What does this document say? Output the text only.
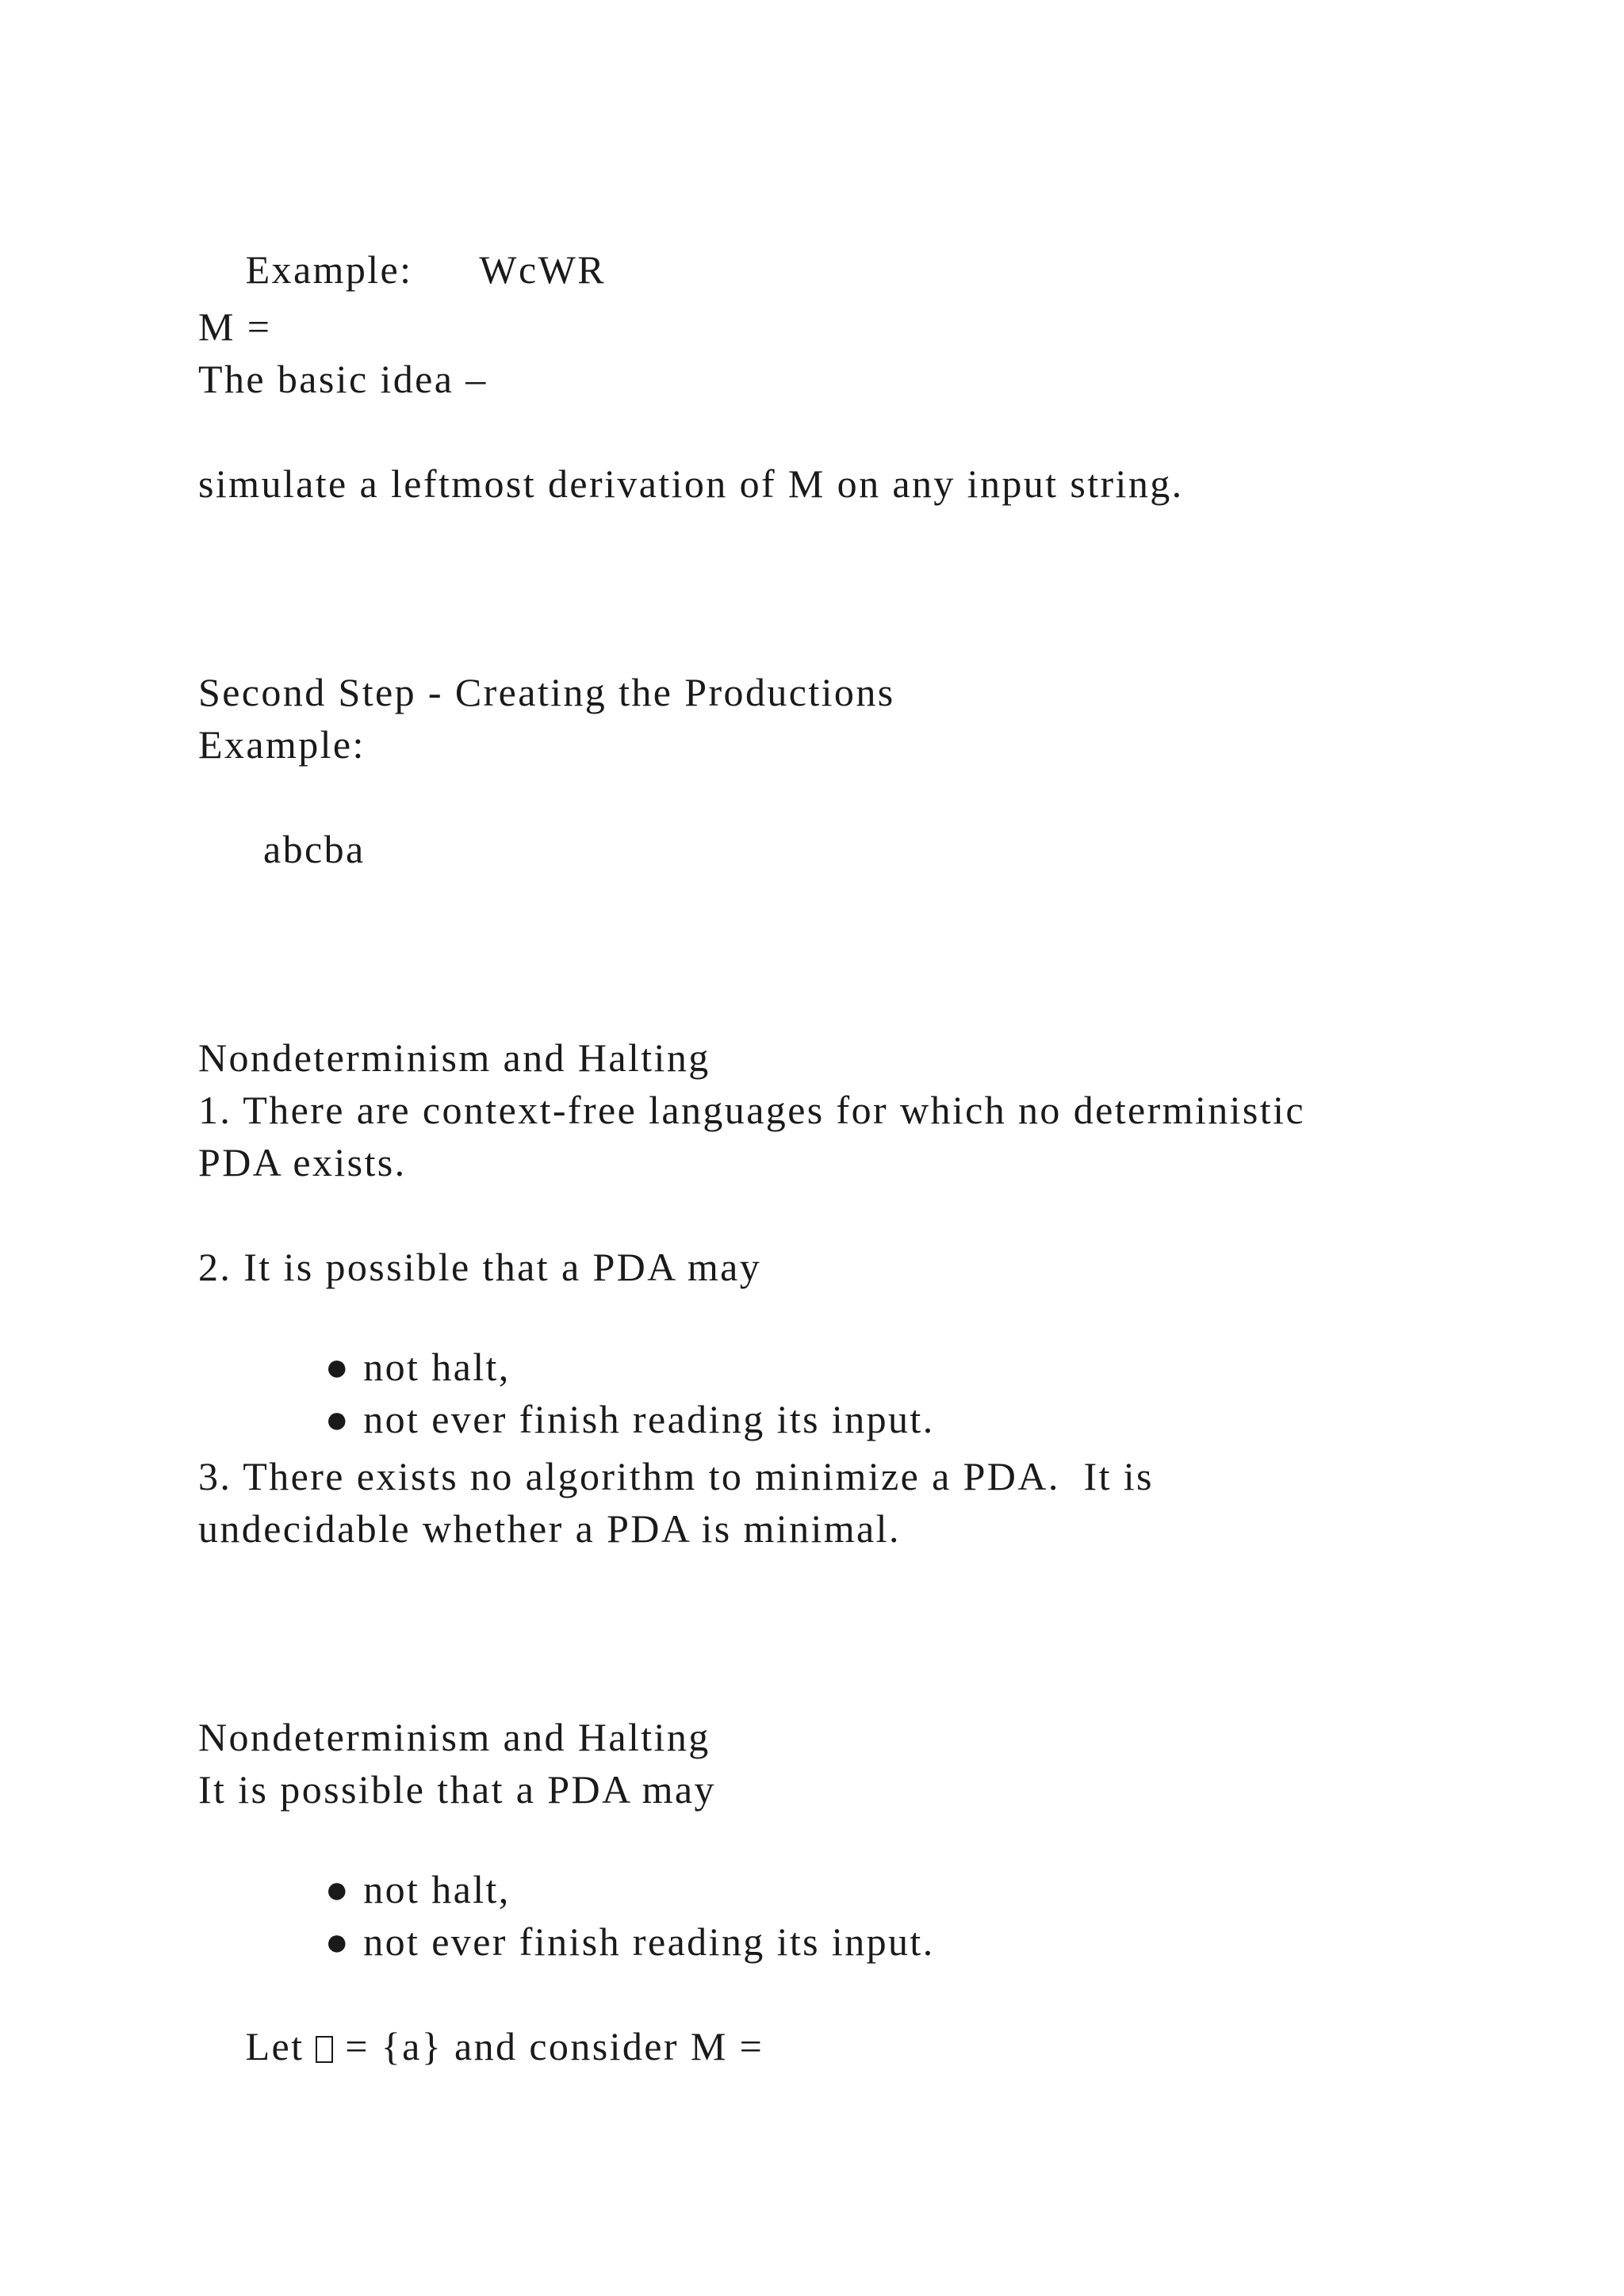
Example: WcWR

M =
The basic idea –
simulate a leftmost derivation of M on any input string.
Second Step - Creating the Productions
Example:
abcba
Nondeterminism and Halting
1. There are context-free languages for which no deterministic
PDA exists.
2. It is possible that a PDA may

● not halt,

● not ever finish reading its input.

3. There exists no algorithm to minimize a PDA.  It is
undecidable whether a PDA is minimal.
Nondeterminism and Halting
It is possible that a PDA may

● not halt,

● not ever finish reading its input.

Let = {a} and consider M =
